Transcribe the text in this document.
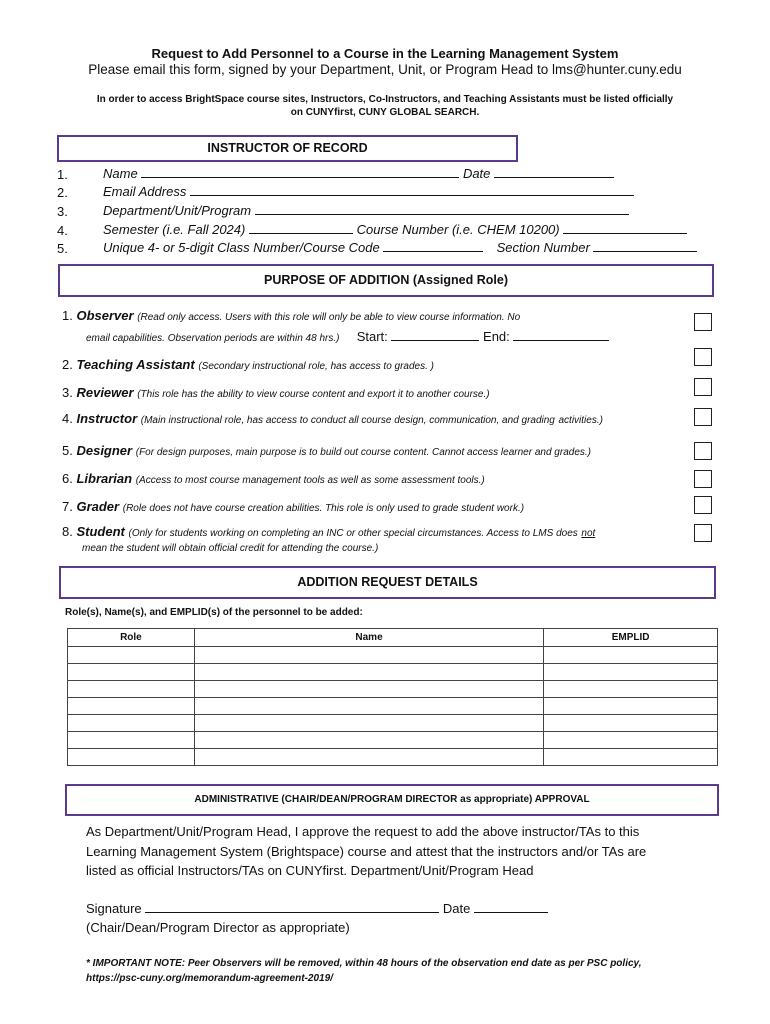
Request to Add Personnel to a Course in the Learning Management System
Please email this form, signed by your Department, Unit, or Program Head to lms@hunter.cuny.edu
In order to access BrightSpace course sites, Instructors, Co-Instructors, and Teaching Assistants must be listed officially
on CUNYfirst, CUNY GLOBAL SEARCH.
INSTRUCTOR OF RECORD
1.	Name	Date
2.	Email Address
3.	Department/Unit/Program
4.	Semester (i.e. Fall 2024)	Course Number (i.e. CHEM 10200)
5.	Unique 4- or 5-digit Class Number/Course Code	Section Number
PURPOSE OF ADDITION (Assigned Role)
1. Observer (Read only access. Users with this role will only be able to view course information. No
email capabilities. Observation periods are within 48 hrs.) Start:	End:
2. Teaching Assistant (Secondary instructional role, has access to grades. )
3. Reviewer (This role has the ability to view course content and export it to another course.)
4. Instructor (Main instructional role, has access to conduct all course design, communication, and grading activities.)
5. Designer (For design purposes, main purpose is to build out course content. Cannot access learner and grades.)
6. Librarian (Access to most course management tools as well as some assessment tools.)
7. Grader (Role does not have course creation abilities. This role is only used to grade student work.)
8. Student (Only for students working on completing an INC or other special circumstances. Access to LMS does not
mean the student will obtain official credit for attending the course.)
ADDITION REQUEST DETAILS
Role(s), Name(s), and EMPLID(s) of the personnel to be added:
Role	Name	EMPLID

ADMINISTRATIVE (CHAIR/DEAN/PROGRAM DIRECTOR as appropriate) APPROVAL
As Department/Unit/Program Head, I approve the request to add the above instructor/TAs to this
Learning Management System (Brightspace) course and attest that the instructors and/or TAs are
listed as official Instructors/TAs on CUNYfirst. Department/Unit/Program Head
Signature	Date
(Chair/Dean/Program Director as appropriate)
* IMPORTANT NOTE: Peer Observers will be removed, within 48 hours of the observation end date as per PSC policy,
https://psc-cuny.org/memorandum-agreement-2019/
